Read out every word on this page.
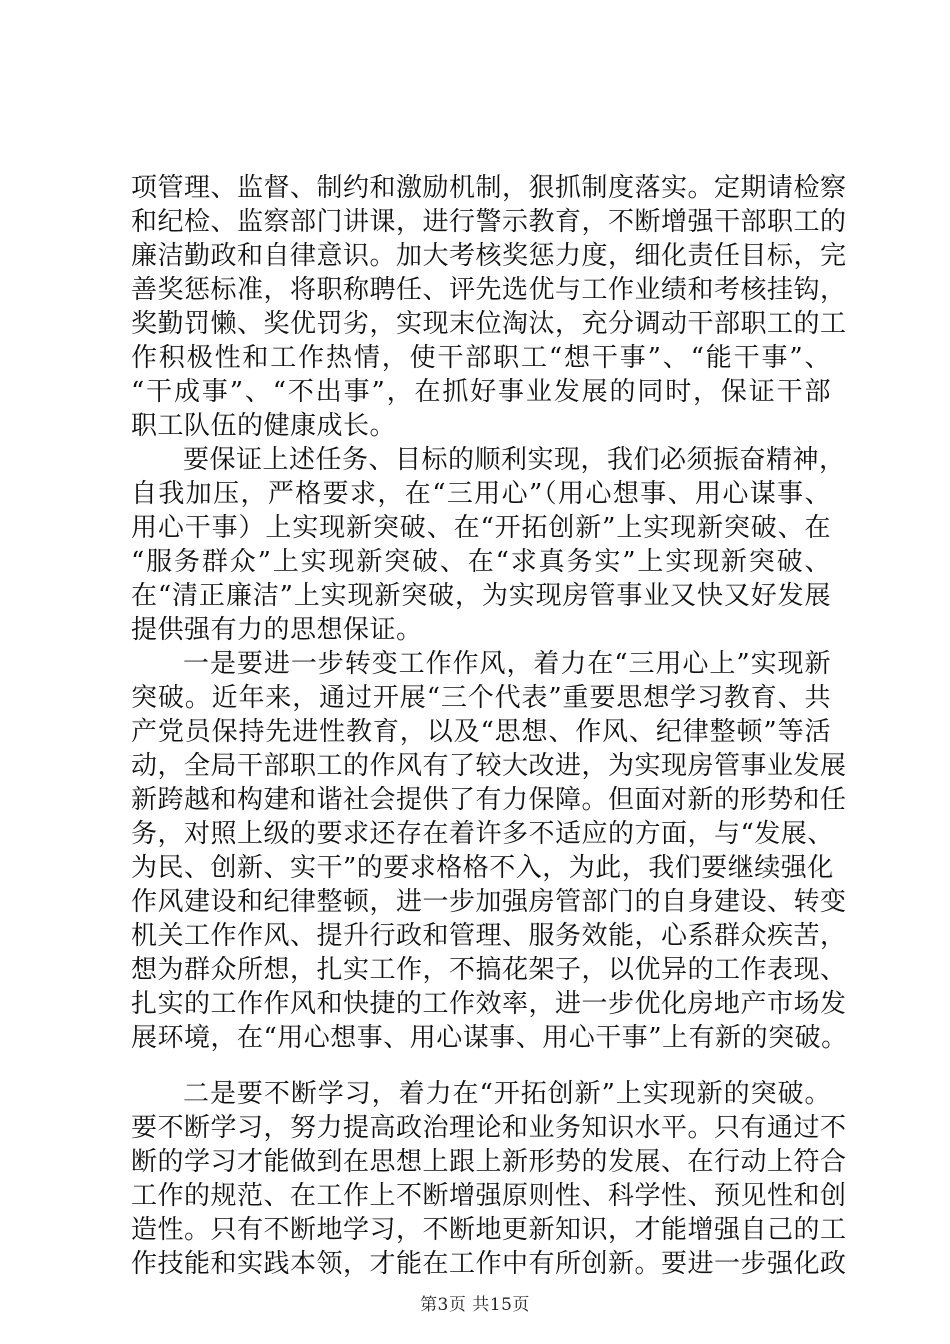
项管理、监督、制约和激励机制，狠抓制度落实。定期请检察
和纪检、监察部门讲课，进行警示教育，不断增强干部职工的
廉洁勤政和自律意识。加大考核奖惩力度，细化责任目标，完
善奖惩标准，将职称聘任、评先选优与工作业绩和考核挂钩，
奖勤罚懒、奖优罚劣，实现末位淘汰，充分调动干部职工的工
作积极性和工作热情，使干部职工“想干事”、“能干事”、
“干成事”、“不出事”，在抓好事业发展的同时，保证干部
职工队伍的健康成长。
要保证上述任务、目标的顺利实现，我们必须振奋精神，
自我加压，严格要求，在“三用心”（用心想事、用心谋事、
用心干事）上实现新突破、在“开拓创新”上实现新突破、在
“服务群众”上实现新突破、在“求真务实”上实现新突破、
在“清正廉洁”上实现新突破，为实现房管事业又快又好发展
提供强有力的思想保证。
一是要进一步转变工作作风，着力在“三用心上”实现新
突破。近年来，通过开展“三个代表”重要思想学习教育、共
产党员保持先进性教育，以及“思想、作风、纪律整顿”等活
动，全局干部职工的作风有了较大改进，为实现房管事业发展
新跨越和构建和谐社会提供了有力保障。但面对新的形势和任
务，对照上级的要求还存在着许多不适应的方面，与“发展、
为民、创新、实干”的要求格格不入，为此，我们要继续强化
作风建设和纪律整顿，进一步加强房管部门的自身建设、转变
机关工作作风、提升行政和管理、服务效能，心系群众疾苦，
想为群众所想，扎实工作，不搞花架子，以优异的工作表现、
扎实的工作作风和快捷的工作效率，进一步优化房地产市场发
展环境，在“用心想事、用心谋事、用心干事”上有新的突破。
二是要不断学习，着力在“开拓创新”上实现新的突破。
要不断学习，努力提高政治理论和业务知识水平。只有通过不
断的学习才能做到在思想上跟上新形势的发展、在行动上符合
工作的规范、在工作上不断增强原则性、科学性、预见性和创
造性。只有不断地学习，不断地更新知识，才能增强自己的工
作技能和实践本领，才能在工作中有所创新。要进一步强化政
第3页 共15页
